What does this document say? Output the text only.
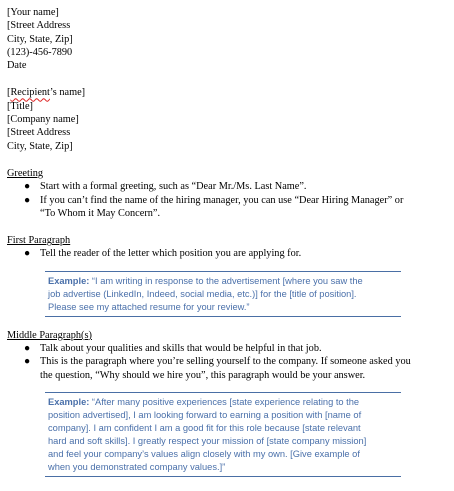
[Your name]
[Street Address
City, State, Zip]
(123)-456-7890
Date
[Recipient’s name]
[Title]
[Company name]
[Street Address
City, State, Zip]
Greeting
● Start with a formal greeting, such as “Dear Mr./Ms. Last Name”.
● If you can’t find the name of the hiring manager, you can use “Dear Hiring Manager” or
“To Whom it May Concern”.
First Paragraph
● Tell the reader of the letter which position you are applying for.
Example: “I am writing in response to the advertisement [where you saw the
job advertise (LinkedIn, Indeed, social media, etc.)] for the [title of position].
Please see my attached resume for your review.”
Middle Paragraph(s)
● Talk about your qualities and skills that would be helpful in that job.
● This is the paragraph where you’re selling yourself to the company. If someone asked you
the question, “Why should we hire you”, this paragraph would be your answer.
Example: “After many positive experiences [state experience relating to the
position advertised], I am looking forward to earning a position with [name of
company]. I am confident I am a good fit for this role because [state relevant
hard and soft skills]. I greatly respect your mission of [state company mission]
and feel your company’s values align closely with my own. [Give example of
when you demonstrated company values.]”
